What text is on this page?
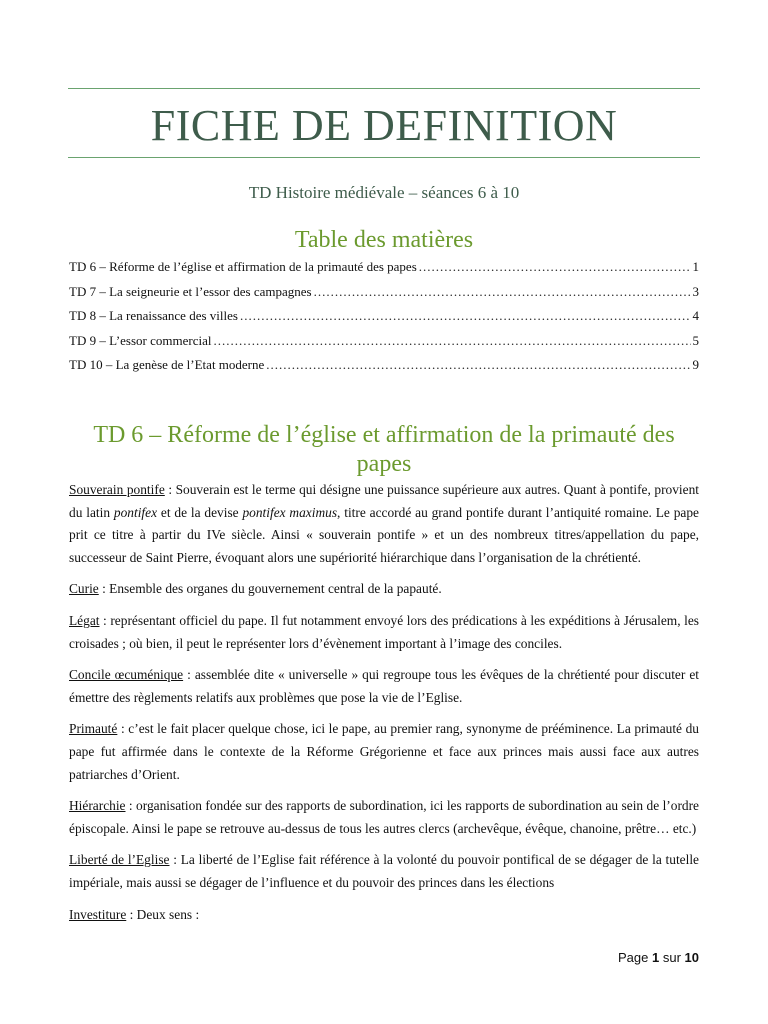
FICHE DE DEFINITION
TD Histoire médiévale – séances 6 à 10
Table des matières
TD 6 – Réforme de l’église et affirmation de la primauté des papes .....	1
TD 7 – La seigneurie et l’essor des campagnes .....	3
TD 8 – La renaissance des villes .....	4
TD 9 – L’essor commercial .....	5
TD 10 – La genèse de l’Etat moderne .....	9
TD 6 – Réforme de l’église et affirmation de la primauté des
papes

Souverain pontife : Souverain est le terme qui désigne une puissance supérieure aux autres. Quant à pontife, provient du latin pontifex et de la devise pontifex maximus, titre accordé au grand pontife durant l’antiquité romaine. Le pape prit ce titre à partir du IVe siècle. Ainsi « souverain pontife » et un des nombreux titres/appellation du pape, successeur de Saint Pierre, évoquant alors une supériorité hiérarchique dans l’organisation de la chrétienté.

Curie : Ensemble des organes du gouvernement central de la papauté.

Légat : représentant officiel du pape. Il fut notamment envoyé lors des prédications à les expéditions à Jérusalem, les croisades ; où bien, il peut le représenter lors d’évènement important à l’image des conciles.

Concile œcuménique : assemblée dite « universelle » qui regroupe tous les évêques de la chrétienté pour discuter et émettre des règlements relatifs aux problèmes que pose la vie de l’Eglise.

Primauté : c’est le fait placer quelque chose, ici le pape, au premier rang, synonyme de prééminence. La primauté du pape fut affirmée dans le contexte de la Réforme Grégorienne et face aux princes mais aussi face aux autres patriarches d’Orient.

Hiérarchie : organisation fondée sur des rapports de subordination, ici les rapports de subordination au sein de l’ordre épiscopale. Ainsi le pape se retrouve au-dessus de tous les autres clercs (archevêque, évêque, chanoine, prêtre… etc.)

Liberté de l’Eglise : La liberté de l’Eglise fait référence à la volonté du pouvoir pontifical de se dégager de la tutelle impériale, mais aussi se dégager de l’influence et du pouvoir des princes dans les élections

Investiture : Deux sens :

Page 1 sur 10
